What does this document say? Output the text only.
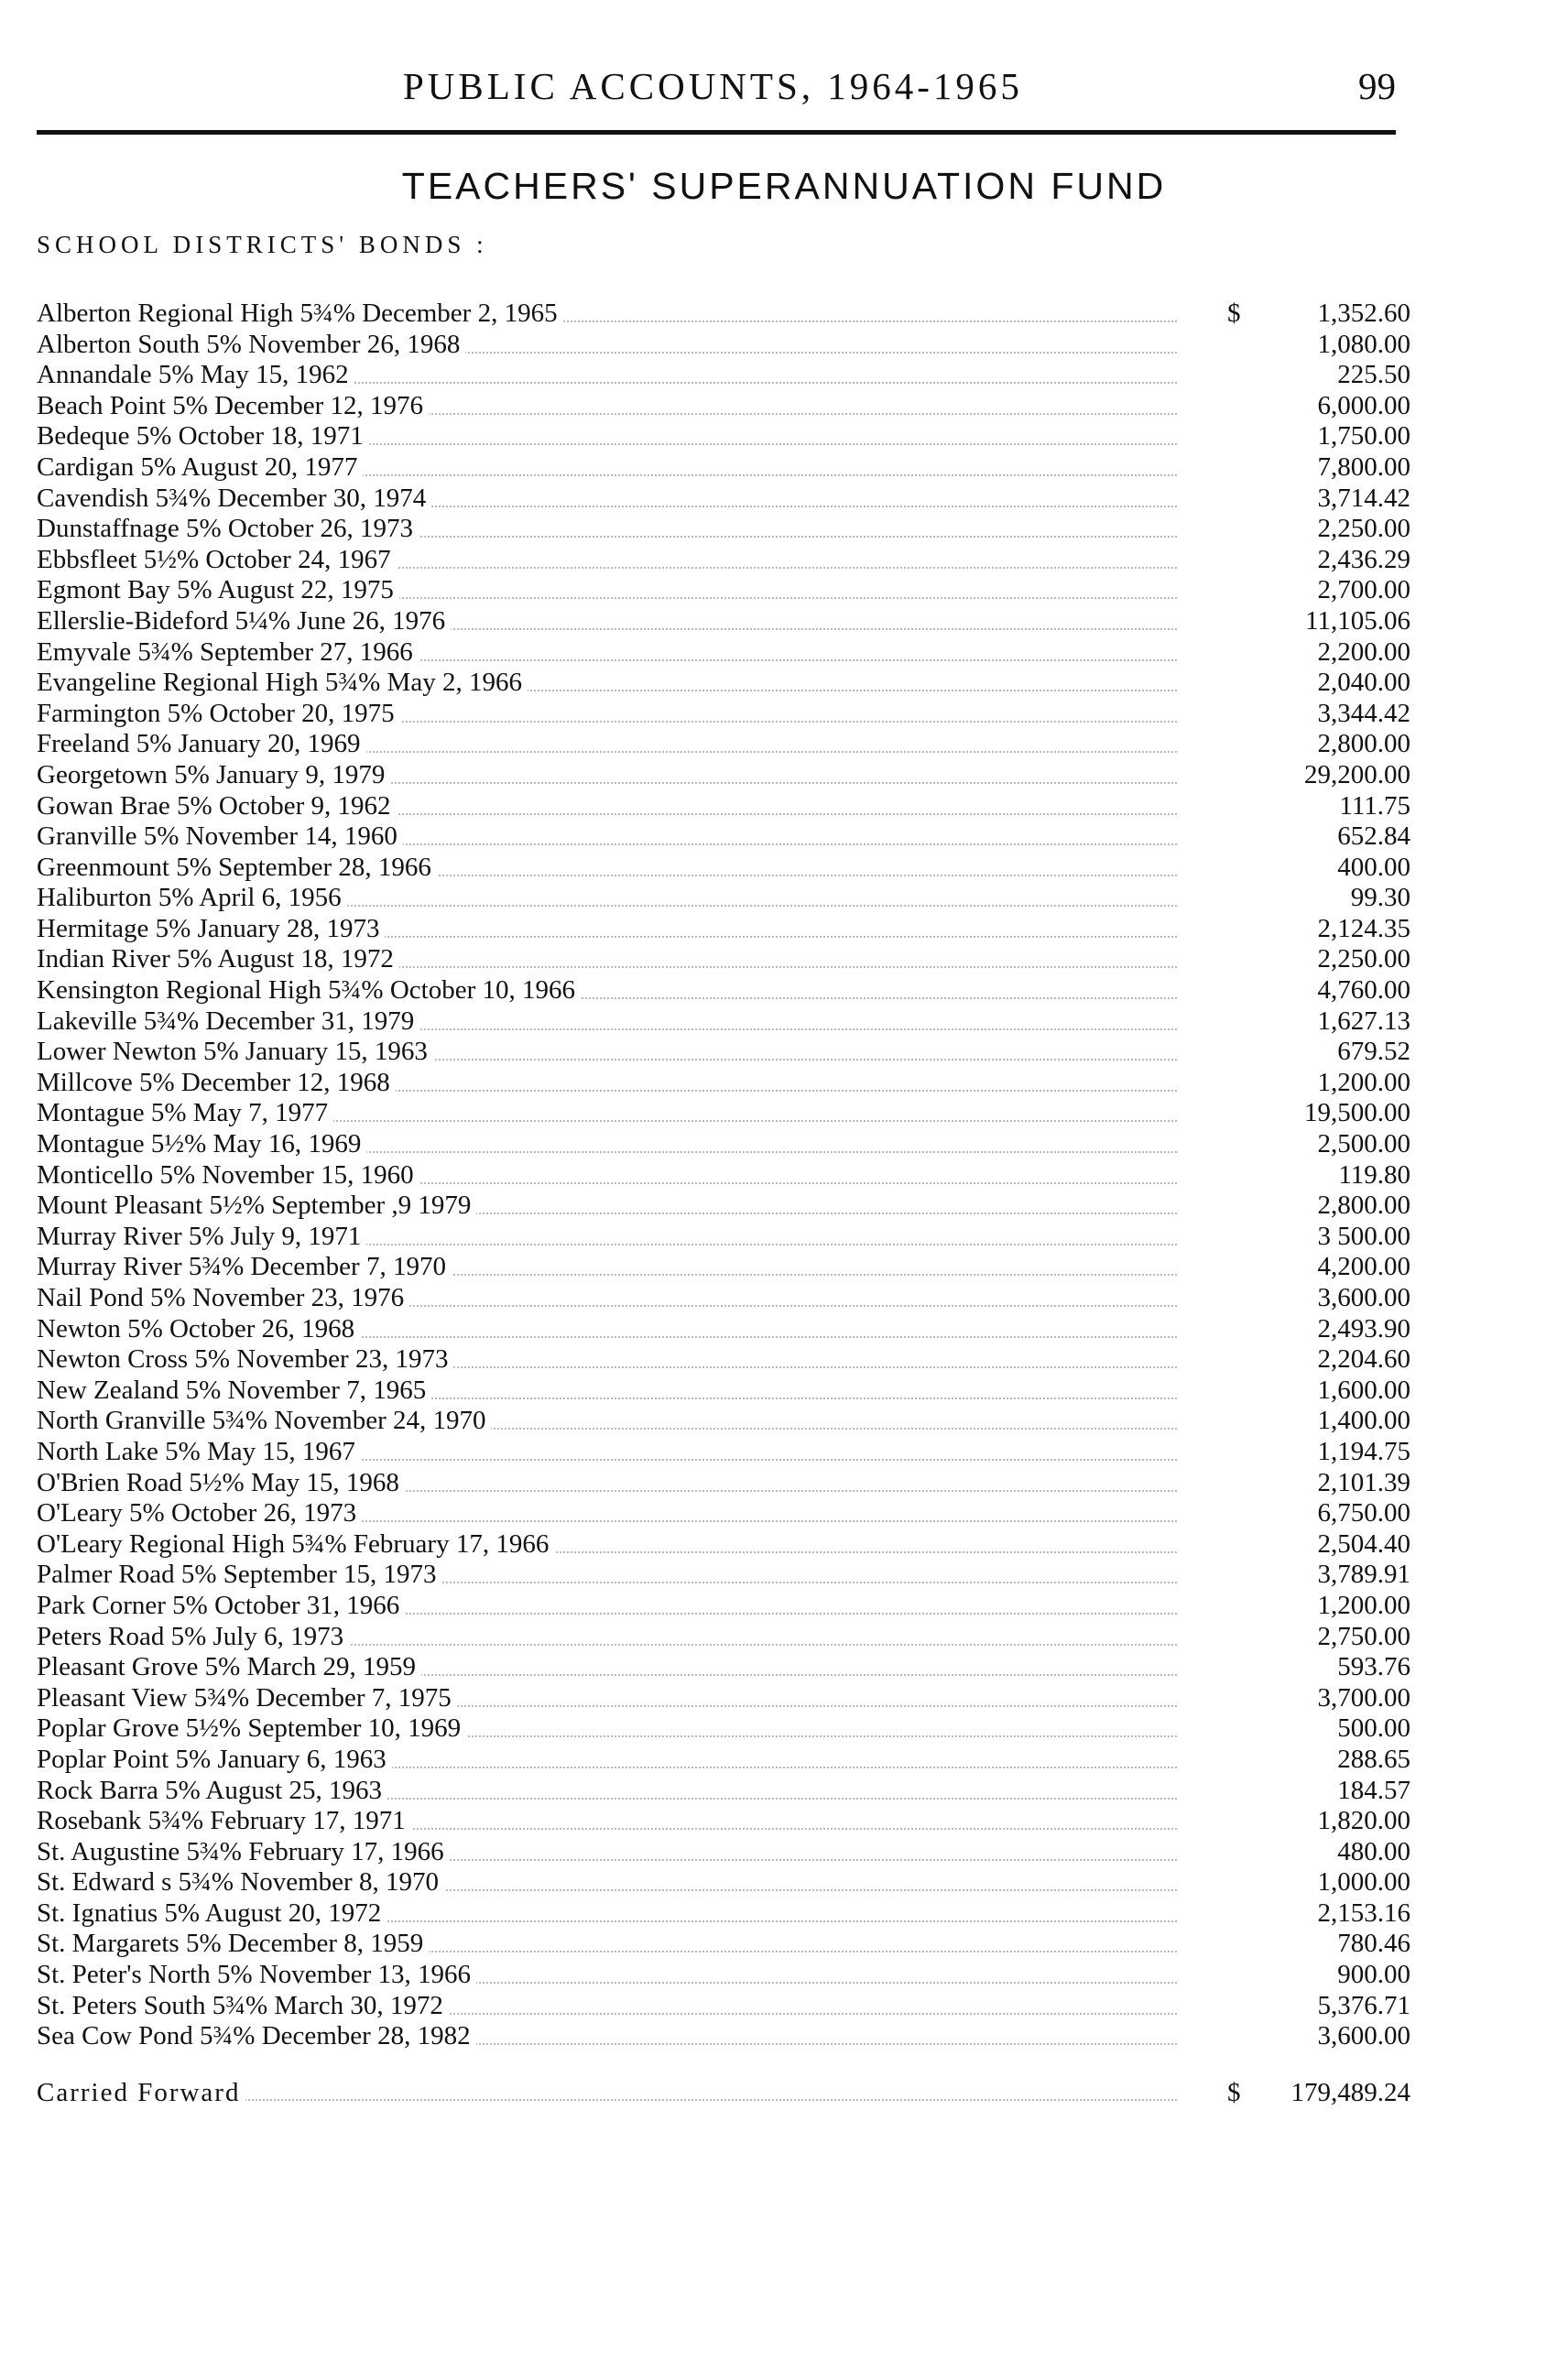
PUBLIC ACCOUNTS, 1964-1965	99
TEACHERS' SUPERANNUATION FUND
SCHOOL DISTRICTS' BONDS :
Alberton Regional High 5¾% December 2, 1965	$	1,352.60
Alberton South 5% November 26, 1968	1,080.00
Annandale 5% May 15, 1962	225.50
Beach Point 5% December 12, 1976	6,000.00
Bedeque 5% October 18, 1971	1,750.00
Cardigan 5% August 20, 1977	7,800.00
Cavendish 5¾% December 30, 1974	3,714.42
Dunstaffnage 5% October 26, 1973	2,250.00
Ebbsfleet 5½% October 24, 1967	2,436.29
Egmont Bay 5% August 22, 1975	2,700.00
Ellerslie-Bideford 5¼% June 26, 1976	11,105.06
Emyvale 5¾% September 27, 1966	2,200.00
Evangeline Regional High 5¾% May 2, 1966	2,040.00
Farmington 5% October 20, 1975	3,344.42
Freeland 5% January 20, 1969	2,800.00
Georgetown 5% January 9, 1979	29,200.00
Gowan Brae 5% October 9, 1962	111.75
Granville 5% November 14, 1960	652.84
Greenmount 5% September 28, 1966	400.00
Haliburton 5% April 6, 1956	99.30
Hermitage 5% January 28, 1973	2,124.35
Indian River 5% August 18, 1972	2,250.00
Kensington Regional High 5¾% October 10, 1966	4,760.00
Lakeville 5¾% December 31, 1979	1,627.13
Lower Newton 5% January 15, 1963	679.52
Millcove 5% December 12, 1968	1,200.00
Montague 5% May 7, 1977	19,500.00
Montague 5½% May 16, 1969	2,500.00
Monticello 5% November 15, 1960	119.80
Mount Pleasant 5½% September ,9 1979	2,800.00
Murray River 5% July 9, 1971	3 500.00
Murray River 5¾% December 7, 1970	4,200.00
Nail Pond 5% November 23, 1976	3,600.00
Newton 5% October 26, 1968	2,493.90
Newton Cross 5% November 23, 1973	2,204.60
New Zealand 5% November 7, 1965	1,600.00
North Granville 5¾% November 24, 1970	1,400.00
North Lake 5% May 15, 1967	1,194.75
O'Brien Road 5½% May 15, 1968	2,101.39
O'Leary 5% October 26, 1973	6,750.00
O'Leary Regional High 5¾% February 17, 1966	2,504.40
Palmer Road 5% September 15, 1973	3,789.91
Park Corner 5% October 31, 1966	1,200.00
Peters Road 5% July 6, 1973	2,750.00
Pleasant Grove 5% March 29, 1959	593.76
Pleasant View 5¾% December 7, 1975	3,700.00
Poplar Grove 5½% September 10, 1969	500.00
Poplar Point 5% January 6, 1963	288.65
Rock Barra 5% August 25, 1963	184.57
Rosebank 5¾% February 17, 1971	1,820.00
St. Augustine 5¾% February 17, 1966	480.00
St. Edward s 5¾% November 8, 1970	1,000.00
St. Ignatius 5% August 20, 1972	2,153.16
St. Margarets 5% December 8, 1959	780.46
St. Peter's North 5% November 13, 1966	900.00
St. Peters South 5¾% March 30, 1972	5,376.71
Sea Cow Pond 5¾% December 28, 1982	3,600.00
Carried Forward	$	179,489.24
